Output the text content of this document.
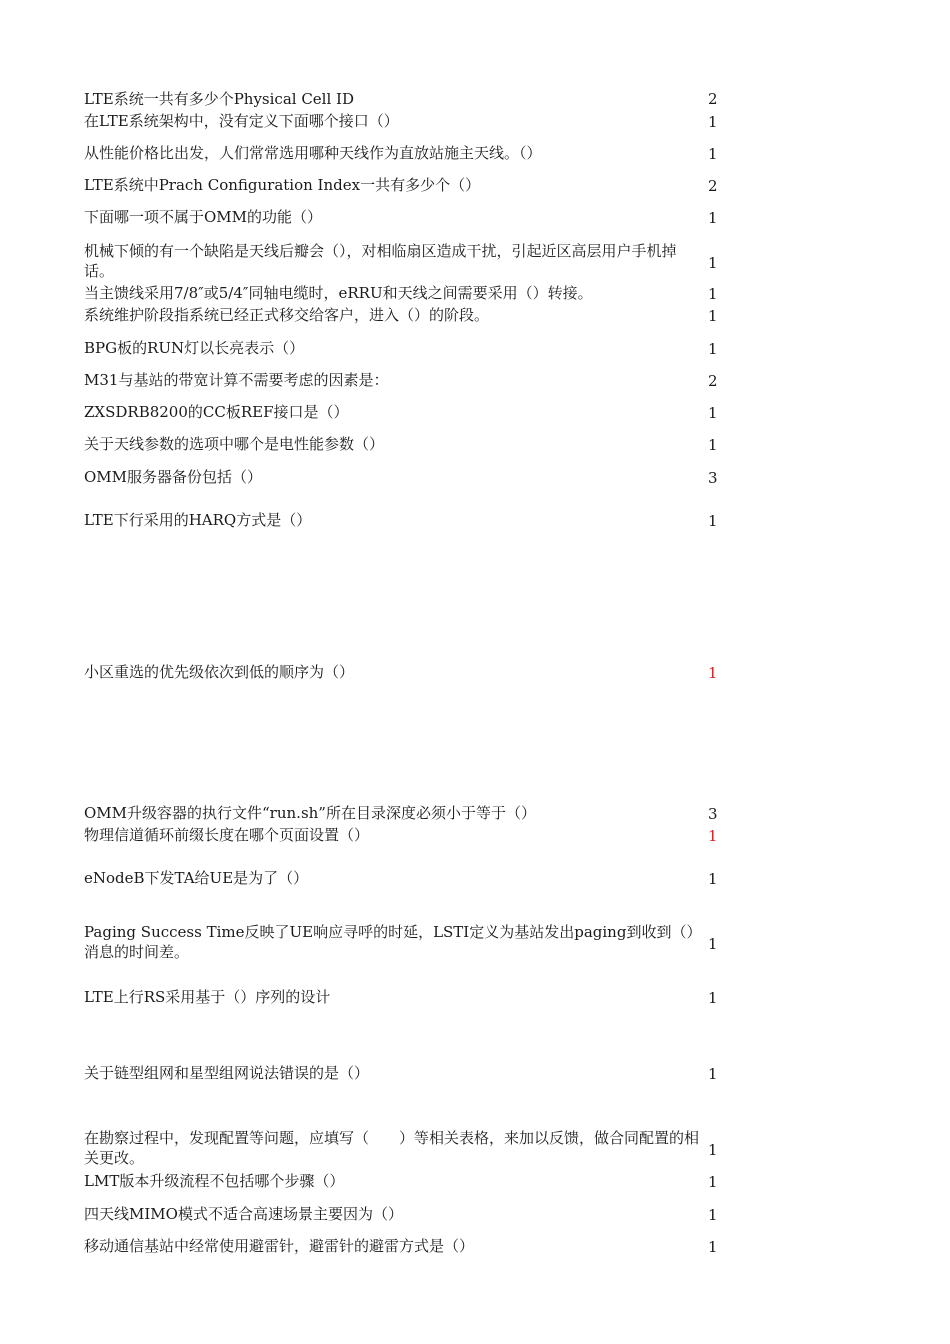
LTE系统一共有多少个Physical Cell ID	2
在LTE系统架构中，没有定义下面哪个接口（）	1
从性能价格比出发，人们常常选用哪种天线作为直放站施主天线。（）	1
LTE系统中Prach Configuration Index一共有多少个（）	2
下面哪一项不属于OMM的功能（）	1
机械下倾的有一个缺陷是天线后瓣会（），对相临扇区造成干扰，引起近区高层用户手机掉话。	1
当主馈线采用7/8″或5/4″同轴电缆时，eRRU和天线之间需要采用（）转接。	1
系统维护阶段指系统已经正式移交给客户，进入（）的阶段。	1
BPG板的RUN灯以长亮表示（）	1
M31与基站的带宽计算不需要考虑的因素是：	2
ZXSDRB8200的CC板REF接口是（）	1
关于天线参数的选项中哪个是电性能参数（）	1
OMM服务器备份包括（）	3
LTE下行采用的HARQ方式是（）	1
小区重选的优先级依次到低的顺序为（）	1
OMM升级容器的执行文件“run.sh”所在目录深度必须小于等于（）	3
物理信道循环前缀长度在哪个页面设置（）	1
eNodeB下发TA给UE是为了（）	1
Paging Success Time反映了UE响应寻呼的时延，LSTI定义为基站发出paging到收到（）消息的时间差。	1
LTE上行RS采用基于（）序列的设计	1
关于链型组网和星型组网说法错误的是（）	1
在勘察过程中，发现配置等问题，应填写（　　）等相关表格，来加以反馈，做合同配置的相关更改。	1
LMT版本升级流程不包括哪个步骤（）	1
四天线MIMO模式不适合高速场景主要因为（）	1
移动通信基站中经常使用避雷针，避雷针的避雷方式是（）	1
